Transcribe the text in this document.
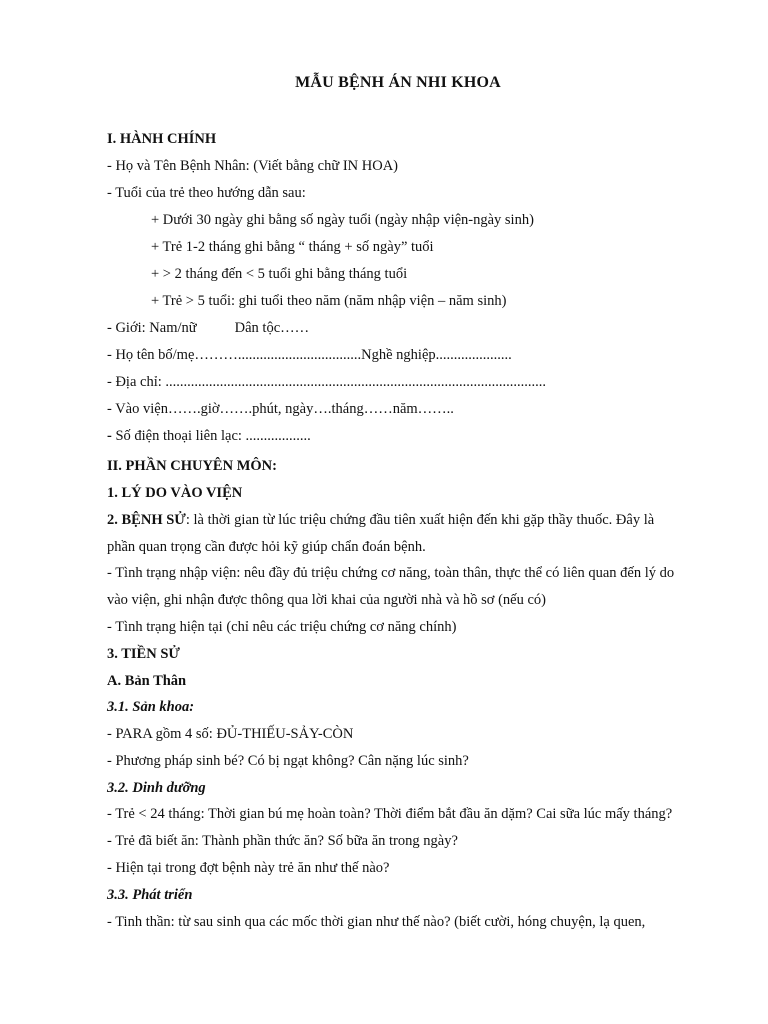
MẪU BỆNH ÁN NHI KHOA
I. HÀNH CHÍNH
- Họ và Tên Bệnh Nhân: (Viết bằng chữ IN HOA)
- Tuổi của trẻ theo hướng dẫn sau:
+ Dưới 30 ngày ghi bằng số ngày tuổi (ngày nhập viện-ngày sinh)
+ Trẻ 1-2 tháng ghi bằng “ tháng + số ngày” tuổi
+ > 2 tháng đến < 5 tuổi ghi bằng tháng tuổi
+ Trẻ > 5 tuổi: ghi tuổi theo năm (năm nhập viện – năm sinh)
- Giới: Nam/nữ	Dân tộc……
- Họ tên bố/mẹ………..................................Nghề nghiệp.....................
- Địa chỉ: .........................................................................................................
- Vào viện…….giờ…….phút, ngày….tháng……năm……..
- Số điện thoại liên lạc: ..................
II. PHẦN CHUYÊN MÔN:
1. LÝ DO VÀO VIỆN
2. BỆNH SỬ: là thời gian từ lúc triệu chứng đầu tiên xuất hiện đến khi gặp thầy thuốc. Đây là
phần quan trọng cần được hỏi kỹ giúp chẩn đoán bệnh.
- Tình trạng nhập viện: nêu đầy đủ triệu chứng cơ năng, toàn thân, thực thể có liên quan đến lý do
vào viện, ghi nhận được thông qua lời khai của người nhà và hồ sơ (nếu có)
- Tình trạng hiện tại (chỉ nêu các triệu chứng cơ năng chính)
3. TIỀN SỬ
A. Bản Thân
3.1. Sản khoa:
- PARA gồm 4 số: ĐỦ-THIẾU-SẢY-CÒN
- Phương pháp sinh bé? Có bị ngạt không? Cân nặng lúc sinh?
3.2. Dinh dưỡng
- Trẻ < 24 tháng: Thời gian bú mẹ hoàn toàn? Thời điểm bắt đầu ăn dặm? Cai sữa lúc mấy tháng?
- Trẻ đã biết ăn: Thành phần thức ăn? Số bữa ăn trong ngày?
- Hiện tại trong đợt bệnh này trẻ ăn như thế nào?
3.3. Phát triển
- Tinh thần: từ sau sinh qua các mốc thời gian như thế nào? (biết cười, hóng chuyện, lạ quen,
